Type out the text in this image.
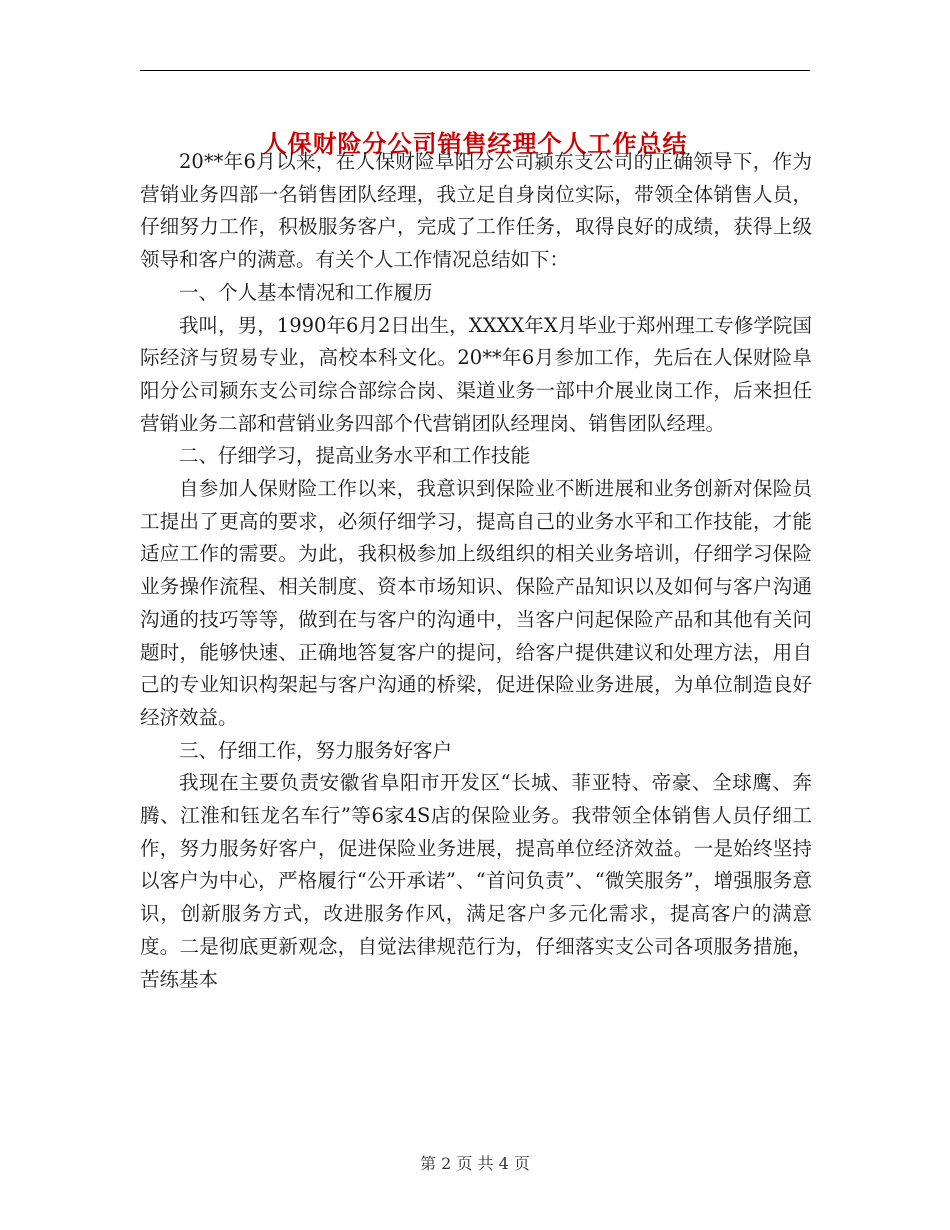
人保财险分公司销售经理个人工作总结

20**年6月以来，在人保财险阜阳分公司颍东支公司的正确领导下，作为营销业务四部一名销售团队经理，我立足自身岗位实际，带领全体销售人员，仔细努力工作，积极服务客户，完成了工作任务，取得良好的成绩，获得上级领导和客户的满意。有关个人工作情况总结如下：

一、个人基本情况和工作履历

我叫，男，1990年6月2日出生，XXXX年X月毕业于郑州理工专修学院国际经济与贸易专业，高校本科文化。20**年6月参加工作，先后在人保财险阜阳分公司颍东支公司综合部综合岗、渠道业务一部中介展业岗工作，后来担任营销业务二部和营销业务四部个代营销团队经理岗、销售团队经理。

二、仔细学习，提高业务水平和工作技能

自参加人保财险工作以来，我意识到保险业不断进展和业务创新对保险员工提出了更高的要求，必须仔细学习，提高自己的业务水平和工作技能，才能适应工作的需要。为此，我积极参加上级组织的相关业务培训，仔细学习保险业务操作流程、相关制度、资本市场知识、保险产品知识以及如何与客户沟通沟通的技巧等等，做到在与客户的沟通中，当客户问起保险产品和其他有关问题时，能够快速、正确地答复客户的提问，给客户提供建议和处理方法，用自己的专业知识构架起与客户沟通的桥梁，促进保险业务进展，为单位制造良好经济效益。

三、仔细工作，努力服务好客户

我现在主要负责安徽省阜阳市开发区“长城、菲亚特、帝豪、全球鹰、奔腾、江淮和钰龙名车行”等6家4S店的保险业务。我带领全体销售人员仔细工作，努力服务好客户，促进保险业务进展，提高单位经济效益。一是始终坚持以客户为中心，严格履行“公开承诺”、“首问负责”、“微笑服务”，增强服务意识，创新服务方式，改进服务作风，满足客户多元化需求，提高客户的满意度。二是彻底更新观念，自觉法律规范行为，仔细落实支公司各项服务措施，苦练基本

第 2 页 共 4 页
